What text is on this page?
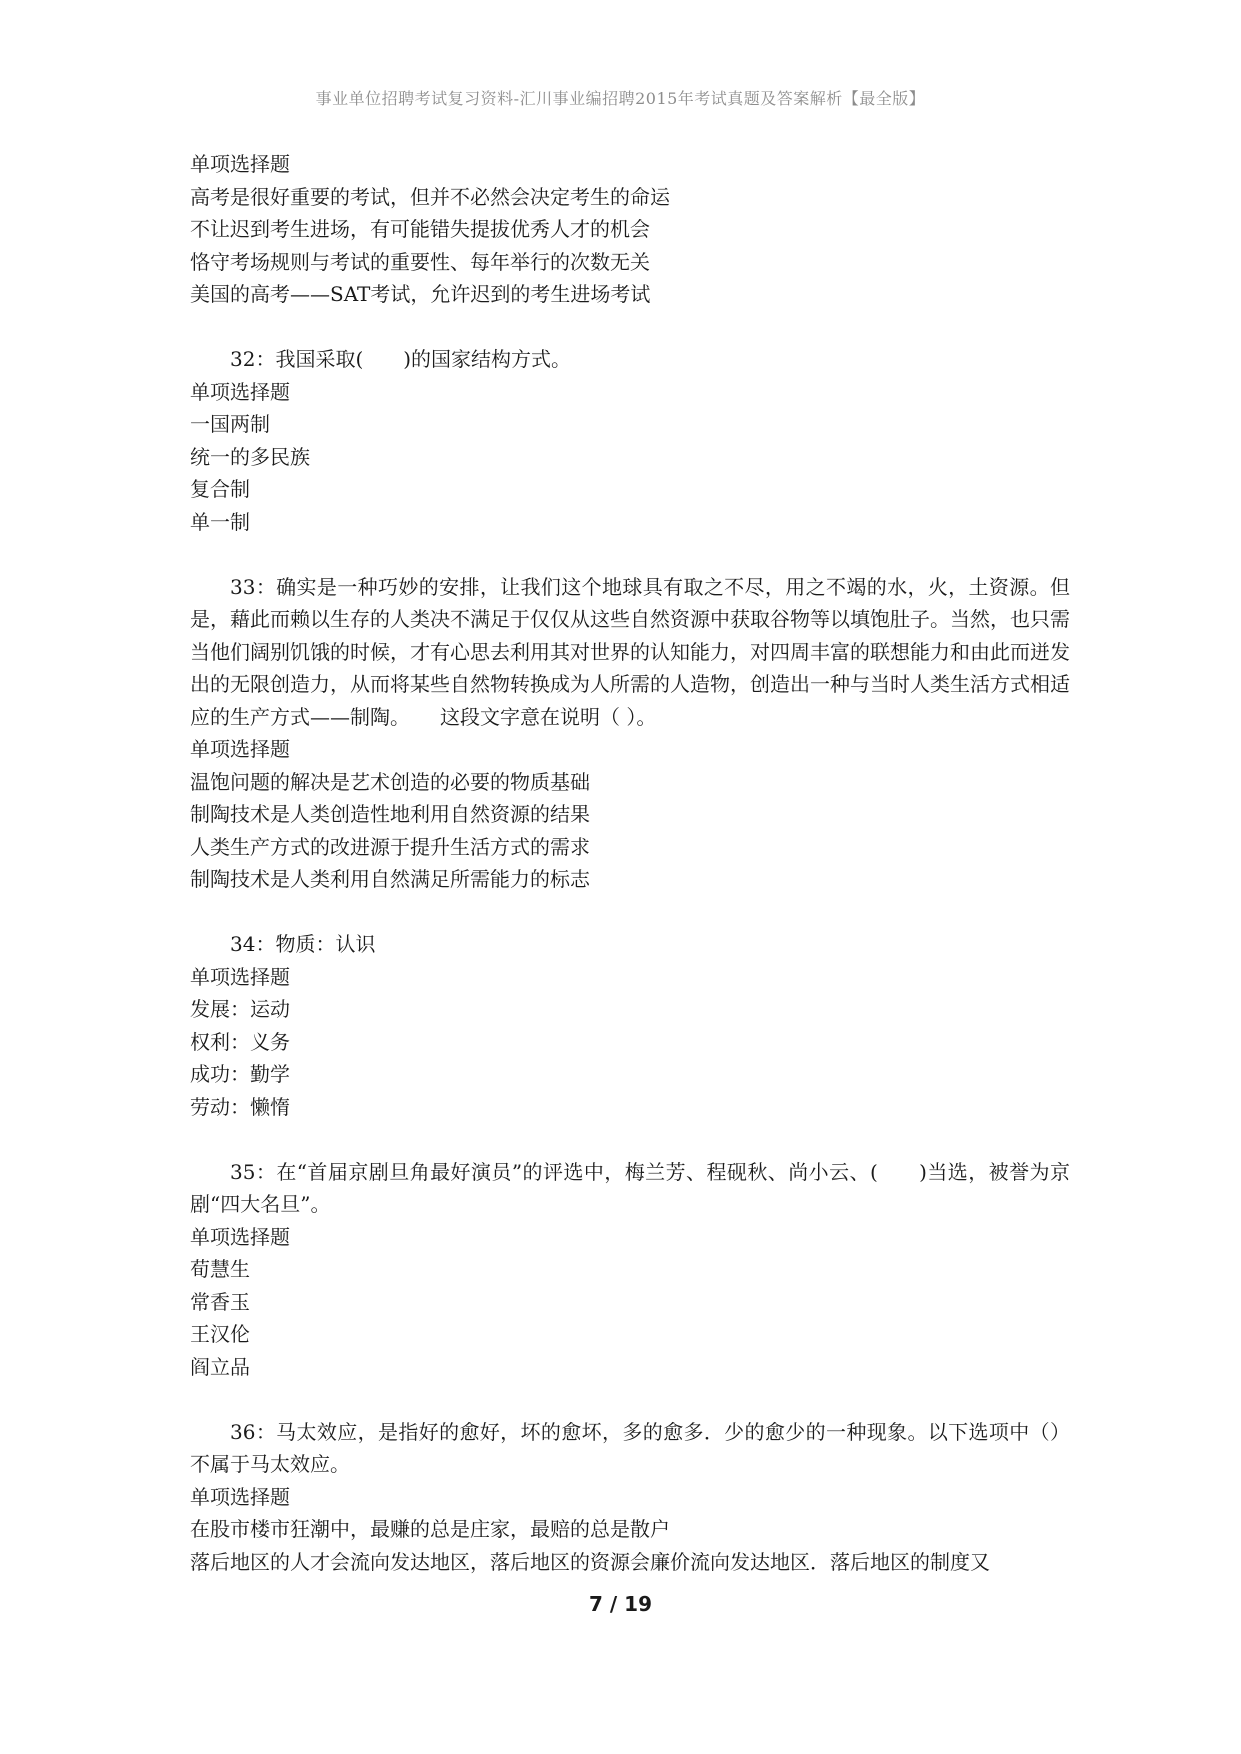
事业单位招聘考试复习资料-汇川事业编招聘2015年考试真题及答案解析【最全版】
单项选择题
高考是很好重要的考试，但并不必然会决定考生的命运
不让迟到考生进场，有可能错失提拔优秀人才的机会
恪守考场规则与考试的重要性、每年举行的次数无关
美国的高考——SAT考试，允许迟到的考生进场考试
32：我国采取(　　)的国家结构方式。
单项选择题
一国两制
统一的多民族
复合制
单一制
33：确实是一种巧妙的安排，让我们这个地球具有取之不尽，用之不竭的水，火，土资源。但是，藉此而赖以生存的人类决不满足于仅仅从这些自然资源中获取谷物等以填饱肚子。当然，也只需当他们阔别饥饿的时候，才有心思去利用其对世界的认知能力，对四周丰富的联想能力和由此而迸发出的无限创造力，从而将某些自然物转换成为人所需的人造物，创造出一种与当时人类生活方式相适应的生产方式——制陶。　　这段文字意在说明（ ）。
单项选择题
温饱问题的解决是艺术创造的必要的物质基础
制陶技术是人类创造性地利用自然资源的结果
人类生产方式的改进源于提升生活方式的需求
制陶技术是人类利用自然满足所需能力的标志
34：物质：认识
单项选择题
发展：运动
权利：义务
成功：勤学
劳动：懒惰
35：在“首届京剧旦角最好演员”的评选中，梅兰芳、程砚秋、尚小云、(　　)当选，被誉为京剧“四大名旦”。
单项选择题
荀慧生
常香玉
王汉伦
阎立品
36：马太效应，是指好的愈好，坏的愈坏，多的愈多．少的愈少的一种现象。以下选项中（）不属于马太效应。
单项选择题
在股市楼市狂潮中，最赚的总是庄家，最赔的总是散户
落后地区的人才会流向发达地区，落后地区的资源会廉价流向发达地区．落后地区的制度又
7 / 19
